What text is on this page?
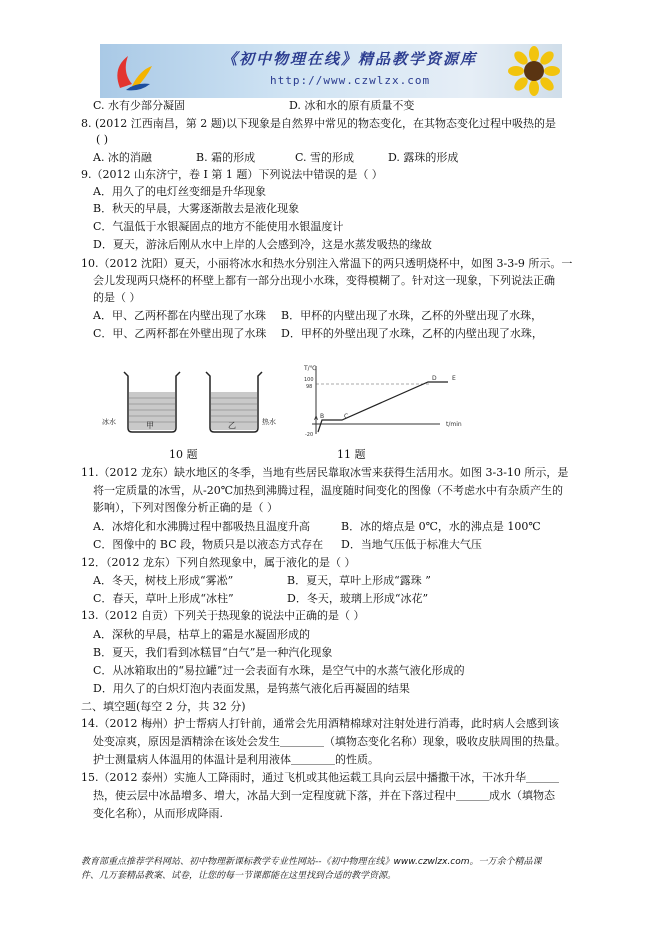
《初中物理在线》精品教学资源库
http://www.czwlzx.com
C. 水有少部分凝固	D. 冰和水的原有质量不变
8. (2012 江西南昌，第 2 题)以下现象是自然界中常见的物态变化，在其物态变化过程中吸热的是
( )
A. 冰的消融	B. 霜的形成	C. 雪的形成	D. 露珠的形成
9.（2012 山东济宁，卷 I 第 1 题）下列说法中错误的是（ ）
A．用久了的电灯丝变细是升华现象
B．秋天的早晨，大雾逐渐散去是液化现象
C．气温低于水银凝固点的地方不能使用水银温度计
D．夏天，游泳后刚从水中上岸的人会感到冷，这是水蒸发吸热的缘故
10.（2012 沈阳）夏天，小丽将冰水和热水分别注入常温下的两只透明烧杯中，如图 3-3-9 所示。一
会儿发现两只烧杯的杯壁上都有一部分出现小水珠，变得模糊了。针对这一现象，下列说法正确
的是（ ）
A．甲、乙两杯都在内壁出现了水珠 B．甲杯的内壁出现了水珠，乙杯的外壁出现了水珠，
C．甲、乙两杯都在外壁出现了水珠 D．甲杯的外壁出现了水珠，乙杯的内壁出现了水珠，
冰水	甲	热水
乙
T/℃
t/min
100
98
-20
A B	C
D	E
10 题	11 题
11.（2012 龙东）缺水地区的冬季，当地有些居民靠取冰雪来获得生活用水。如图 3-3-10 所示，是
将一定质量的冰雪，从-20℃加热到沸腾过程，温度随时间变化的图像（不考虑水中有杂质产生的
影响），下列对图像分析正确的是（ ）
A．冰熔化和水沸腾过程中都吸热且温度升高	B．冰的熔点是 0℃，水的沸点是 100℃
C．图像中的 BC 段，物质只是以液态方式存在 D．当地气压低于标准大气压
12．（2012 龙东）下列自然现象中，属于液化的是（ ）
A．冬天，树枝上形成“雾凇”	B．夏天，草叶上形成“露珠 ”
C．春天，草叶上形成“冰柱”	D．冬天，玻璃上形成“冰花”
13.（2012 自贡）下列关于热现象的说法中正确的是（ ）
A．深秋的早晨，枯草上的霜是水凝固形成的
B．夏天，我们看到冰糕冒“白气”是一种汽化现象
C．从冰箱取出的“易拉罐”过一会表面有水珠，是空气中的水蒸气液化形成的
D．用久了的白炽灯泡内表面发黑，是钨蒸气液化后再凝固的结果
二、填空题(每空 2 分，共 32 分)
14.（2012 梅州）护士帮病人打针前，通常会先用酒精棉球对注射处进行消毒，此时病人会感到该
处变凉爽，原因是酒精涂在该处会发生＿＿＿＿（填物态变化名称）现象，吸收皮肤周围的热量。
护士测量病人体温用的体温计是利用液体＿＿＿＿的性质。
15.（2012 泰州）实施人工降雨时，通过飞机或其他运载工具向云层中播撒干冰，干冰升华＿＿＿
热，使云层中冰晶增多、增大，冰晶大到一定程度就下落，并在下落过程中＿＿＿成水（填物态
变化名称），从而形成降雨.
教育部重点推荐学科网站、初中物理新课标教学专业性网站--《初中物理在线》www.czwlzx.com。一万余个精品课
件、几万套精品教案、试卷，让您的每一节课都能在这里找到合适的教学资源。
